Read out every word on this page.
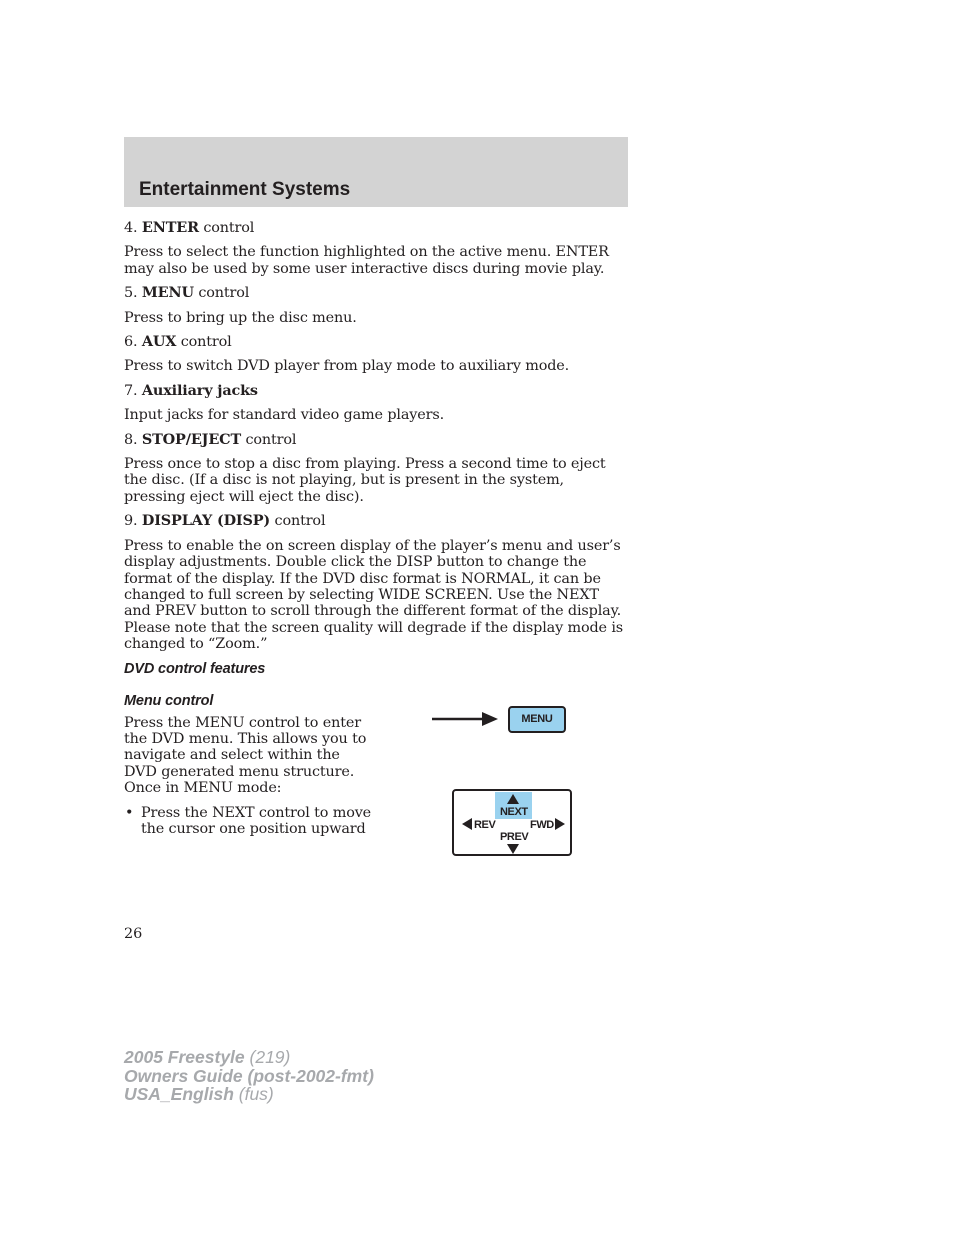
Entertainment Systems

4. ENTER control

Press to select the function highlighted on the active menu. ENTER may also be used by some user interactive discs during movie play.

5. MENU control

Press to bring up the disc menu.

6. AUX control

Press to switch DVD player from play mode to auxiliary mode.

7. Auxiliary jacks

Input jacks for standard video game players.

8. STOP/EJECT control

Press once to stop a disc from playing. Press a second time to eject the disc. (If a disc is not playing, but is present in the system, pressing eject will eject the disc).

9. DISPLAY (DISP) control

Press to enable the on screen display of the player’s menu and user’s display adjustments. Double click the DISP button to change the format of the display. If the DVD disc format is NORMAL, it can be changed to full screen by selecting WIDE SCREEN. Use the NEXT and PREV button to scroll through the different format of the display. Please note that the screen quality will degrade if the display mode is changed to “Zoom.”

DVD control features
Menu control

Press the MENU control to enter the DVD menu. This allows you to navigate and select within the DVD generated menu structure. Once in MENU mode:

• Press the NEXT control to move the cursor one position upward

MENU
NEXT
REV	FWD
PREV
26
2005 Freestyle (219)
Owners Guide (post-2002-fmt)
USA_English (fus)
